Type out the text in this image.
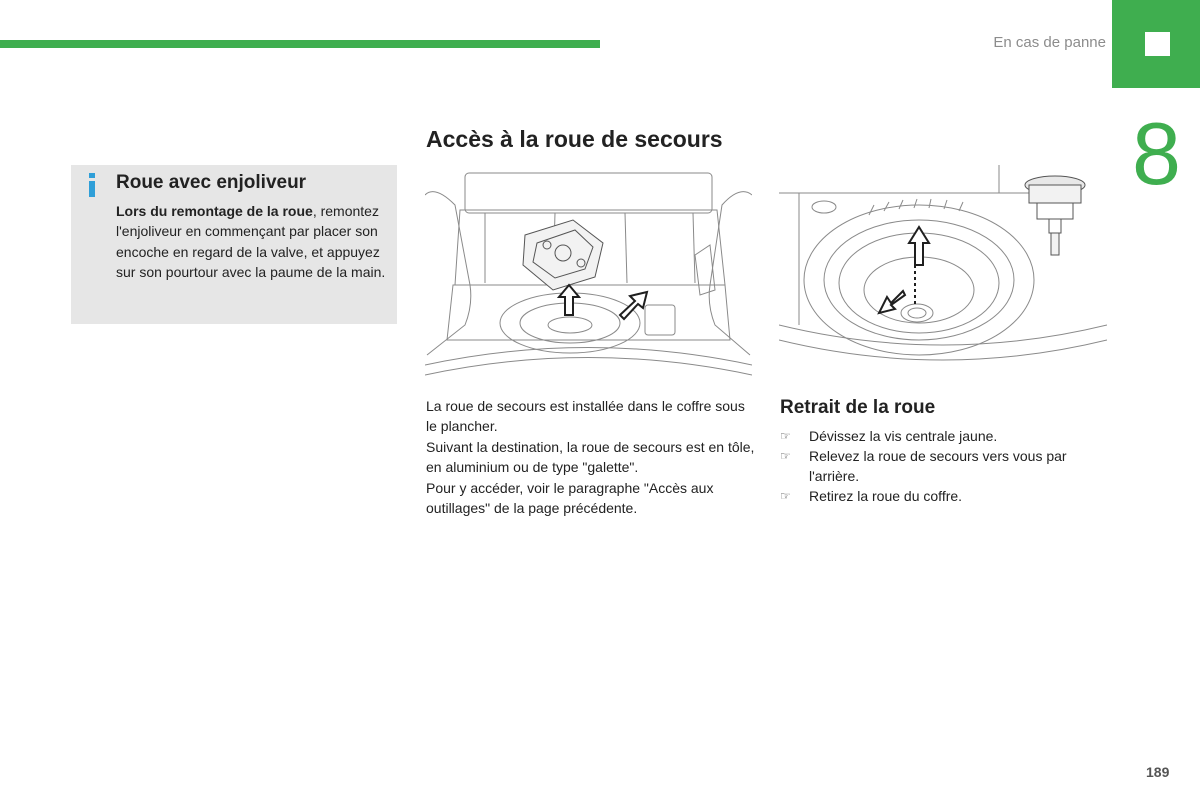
En cas de panne
8
Roue avec enjoliveur
Lors du remontage de la roue, remontez l'enjoliveur en commençant par placer son encoche en regard de la valve, et appuyez sur son pourtour avec la paume de la main.
Accès à la roue de secours

La roue de secours est installée dans le coffre sous le plancher.

Suivant la destination, la roue de secours est en tôle, en aluminium ou de type "galette".

Pour y accéder, voir le paragraphe "Accès aux outillages" de la page précédente.

Retrait de la roue
☞ Dévissez la vis centrale jaune.
☞ Relevez la roue de secours vers vous par l'arrière.
☞ Retirez la roue du coffre.
189
